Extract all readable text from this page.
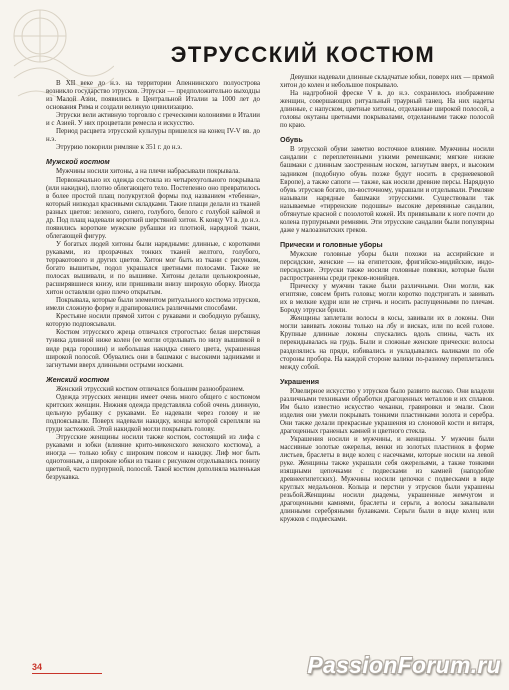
ЭТРУССКИЙ КОСТЮМ

В XII веке до н.э. на территории Апеннинского полуострова возникло государство этрусков. Этруски — предположительно выходцы из Малой Азии, появились в Центральной Италии за 1000 лет до основания Рима и создали великую цивилизацию.

Этруски вели активную торговлю с греческими колониями в Италии и с Азией. У них процветали ремесла и искусство.

Период расцвета этрусской культуры пришелся на конец IV-V вв. до н.э.

Этрурию покорили римляне к 351 г. до н.э.

Мужской костюм

Мужчины носили хитоны, а на плечи набрасывали покрывала.

Первоначально их одежда состояла из четырехугольного покрывала (или накидки), плотно облегающего тело. Постепенно оно превратилось в более простой плащ полукруглой формы под названием «тебенна», который низкодал красивыми складками. Такие плащи делали из тканей разных цветов: зеленого, синего, голубого, белого с голубой каймой и др. Под плащ надевали короткий шерстяной хитон. К концу VI в. до н.э. появились короткие мужские рубашки из плотной, нарядной ткани, облегающей фигуру.

У богатых людей хитоны были нарядными: длинные, с короткими рукавами, из прозрачных тонких тканей желтого, голубого, терракотового и других цветов. Хитон мог быть из ткани с рисунком, богато вышитым, подол украшался цветными полосами. Также не полосах вышивали, и по вышивке. Хитоны делали цельнокроеные, расширявшиеся книзу, или пришивали внизу широкую оборку. Иногда хитон оставляли одно плечо открытым.

Покрывала, которые были элементом ритуального костюма этрусков, имели сложную форму и драпировались различными способами.

Крестьяне носили прямой хитон с рукавами и свободную рубашку, которую подпоясывали.

Костюм этрусского жреца отличался строгостью: белая шерстяная туника длинной ниже колен (ее могли отделывать по низу вышивкой в виде ряда горошин) и небольшая накидка синего цвета, украшенная широкой полосой. Обувались они в башмаки с высокими задниками и загнутыми вверх длинными острыми носками.

Женский костюм

Женский этрусский костюм отличался большим разнообразием.

Одежда этрусских женщин имеет очень много общего с костюмом критских женщин. Нижняя одежда представляла собой очень длинную, цельную рубашку с рукавами. Ее надевали через голову и не подпоясывали. Поверх надевали накидку, концы которой скрепляли на груди застежкой. Этой накидкой могли покрывать голову.

Этрусские женщины носили также костюм, состоящий из лифа с рукавами и юбки (влияние крито-микенского женского костюма), а иногда — только юбку с широким поясом и накидку. Лиф мог быть однотонным, а широкие юбки из ткани с рисунком отделывались понизу цветной, часто пурпурной, полосой. Такой костюм дополняла маленькая безрукавка.

Девушки надевали длинные складчатые юбки, поверх них — прямой хитон до колен и небольшое покрывало.

На надгробной фреске V в. до н.э. сохранилось изображение женщин, совершающих ритуальный траурный танец. На них надеты длинные, с напуском, цветные хитоны, отделанные широкой полосой, а головы окутаны цветными покрывалами, отделанными также полосой по краю.

Обувь

В этрусской обуви заметно восточное влияние. Мужчины носили сандалии с переплетенными узкими ремешками; мягкие низкие башмаки с длинным заостренным носком, загнутым вверх, и высоким задником (подобную обувь позже будут носить в средневековой Европе), а также сапоги — также, как носили древние персы. Нарядную обувь этрусков богато, по-восточному, украшали и отделывали. Римляне называли нарядные башмаки этрусскими. Существовали так называемые «тирренские подошвы» высокие деревянные сандалии, обтянутые красной с позолотой кожей. Их привязывали к ноге почти до колена пурпурными ремнями. Эти этрусские сандалии были популярны даже у малоазиатских греков.

Прически и головные уборы

Мужские головные уборы были похожи на ассирийские и персидские, женские — на египетские, фригийско-мидийские, индо-персидские. Этруски также носили головные повязки, которые были распространены среди греков-ионийцев.

Прическу у мужчин также были различными. Они могли, как египтяне, совсем брить головы; могли коротко подстригать и завивать их в мелкие кудри или не стричь и носить распущенными по плечам. Бороду этруски брили.

Женщины заплетали волосы в косы, завивали их в локоны. Они могли завивать локоны только на лбу и висках, или по всей голове. Крупные длинные локоны спускались вдоль спины, часть их перекидывалась на грудь. Были и сложные женские прически: волосы разделялись на пряди, взбивались и укладывались валиками по обе стороны пробора. На каждой стороне валики по-разному переплетались между собой.

Украшения

Ювелирное искусство у этрусков было развито высоко. Они владели различными техниками обработки драгоценных металлов и их сплавов. Им было известно искусство чеканки, гравировки и эмали. Свои изделия они умели покрывать тонкими пластинками золота и серебра. Они также делали прекрасные украшения из слоновой кости и янтаря, драгоценных граненых камней и цветного стекла.

Украшения носили и мужчины, и женщины. У мужчин были массивные золотые ожерелья, венки из золотых пластинок в форме листьев, браслеты в виде колец с насечками, которые носили на левой руке. Женщины также украшали себя ожерельями, а также тонкими изящными цепочками с подвесками из камней (наподобие древнеегипетских). Мужчины носили цепочки с подвесками в виде круглых медальонов. Кольца и перстни у этрусков были украшены резьбой.Женщины носили диадемы, украшенные жемчугом и драгоценными камнями, браслеты и серьги, а волосы закалывали длинными серебряными булавками. Серьги были в виде колец или кружков с подвесками.

34	PassionForum.ru
